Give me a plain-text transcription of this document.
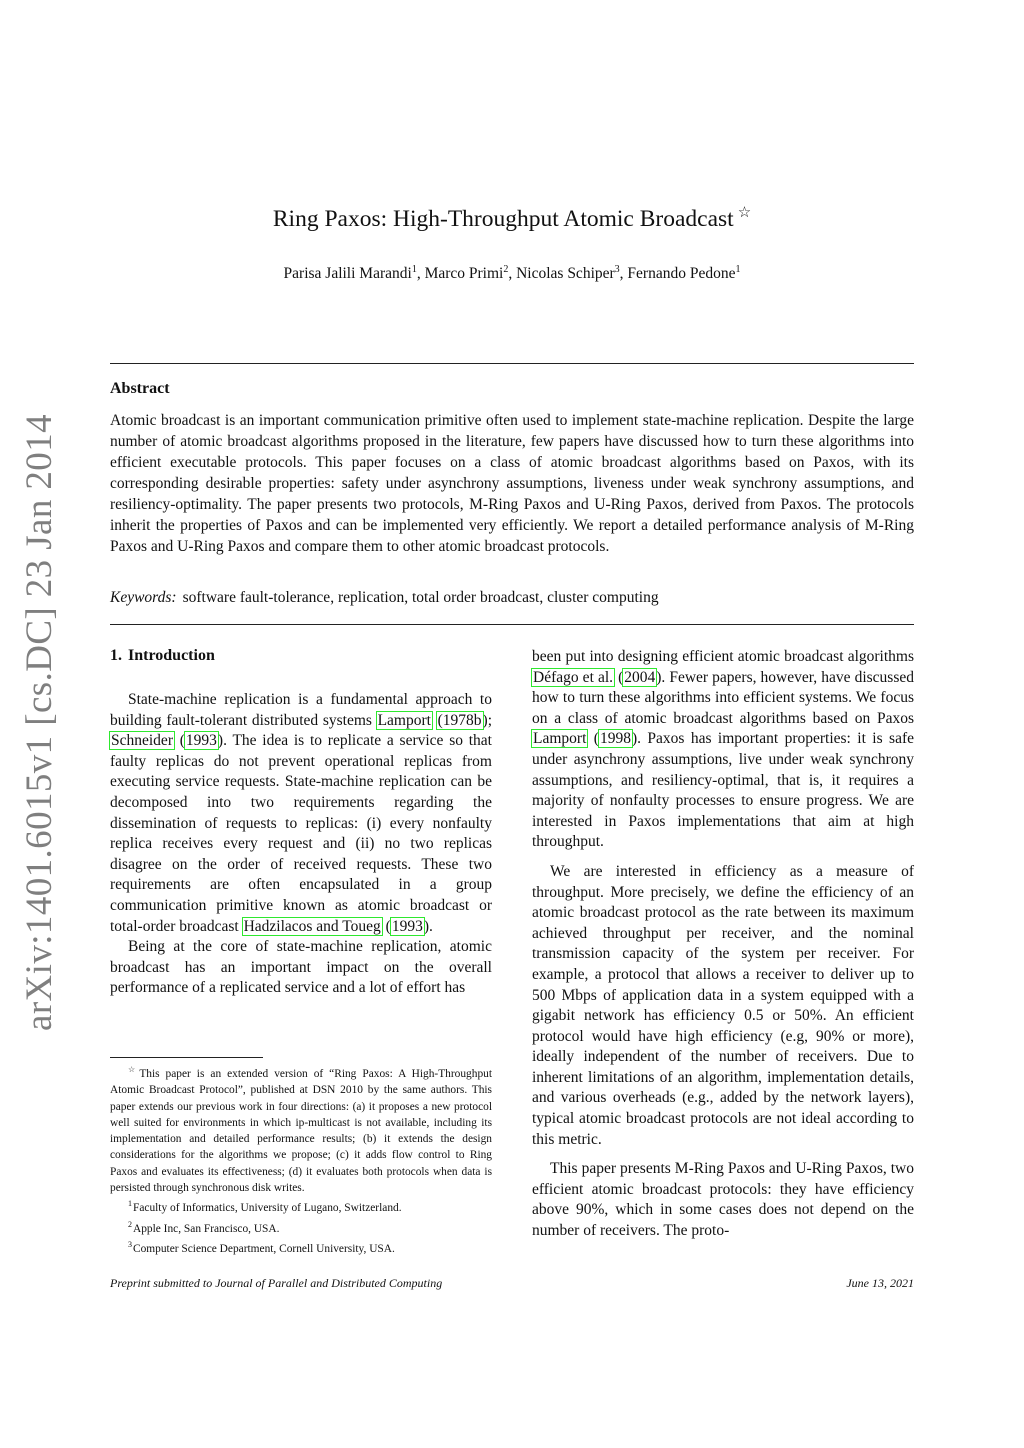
arXiv:1401.6015v1 [cs.DC] 23 Jan 2014
Ring Paxos: High-Throughput Atomic Broadcast ☆
Parisa Jalili Marandi$^1$, Marco Primi$^2$, Nicolas Schiper$^3$, Fernando Pedone$^1$
Abstract
Atomic broadcast is an important communication primitive often used to implement state-machine replication. Despite the large number of atomic broadcast algorithms proposed in the literature, few papers have discussed how to turn these algorithms into efficient executable protocols. This paper focuses on a class of atomic broadcast algorithms based on Paxos, with its corresponding desirable properties: safety under asynchrony assumptions, liveness under weak synchrony assumptions, and resiliency-optimality. The paper presents two protocols, M-Ring Paxos and U-Ring Paxos, derived from Paxos. The protocols inherit the properties of Paxos and can be implemented very efficiently. We report a detailed performance analysis of M-Ring Paxos and U-Ring Paxos and compare them to other atomic broadcast protocols.
Keywords: software fault-tolerance, replication, total order broadcast, cluster computing
1. Introduction

State-machine replication is a fundamental approach to building fault-tolerant distributed systems Lamport (1978b); Schneider (1993). The idea is to replicate a service so that faulty replicas do not prevent operational replicas from executing service requests. State-machine replication can be decomposed into two requirements regarding the dissemination of requests to replicas: (i) every nonfaulty replica receives every request and (ii) no two replicas disagree on the order of received requests. These two requirements are often encapsulated in a group communication primitive known as atomic broadcast or total-order broadcast Hadzilacos and Toueg (1993).

Being at the core of state-machine replication, atomic broadcast has an important impact on the overall performance of a replicated service and a lot of effort has

been put into designing efficient atomic broadcast algorithms Défago et al. (2004). Fewer papers, however, have discussed how to turn these algorithms into efficient systems. We focus on a class of atomic broadcast algorithms based on Paxos Lamport (1998). Paxos has important properties: it is safe under asynchrony assumptions, live under weak synchrony assumptions, and resiliency-optimal, that is, it requires a majority of nonfaulty processes to ensure progress. We are interested in Paxos implementations that aim at high throughput.

We are interested in efficiency as a measure of throughput. More precisely, we define the efficiency of an atomic broadcast protocol as the rate between its maximum achieved throughput per receiver, and the nominal transmission capacity of the system per receiver. For example, a protocol that allows a receiver to deliver up to 500 Mbps of application data in a system equipped with a gigabit network has efficiency 0.5 or 50%. An efficient protocol would have high efficiency (e.g, 90% or more), ideally independent of the number of receivers. Due to inherent limitations of an algorithm, implementation details, and various overheads (e.g., added by the network layers), typical atomic broadcast protocols are not ideal according to this metric.

This paper presents M-Ring Paxos and U-Ring Paxos, two efficient atomic broadcast protocols: they have efficiency above 90%, which in some cases does not depend on the number of receivers. The proto-

☆This paper is an extended version of “Ring Paxos: A High-Throughput Atomic Broadcast Protocol”, published at DSN 2010 by the same authors. This paper extends our previous work in four directions: (a) it proposes a new protocol well suited for environments in which ip-multicast is not available, including its implementation and detailed performance results; (b) it extends the design considerations for the algorithms we propose; (c) it adds flow control to Ring Paxos and evaluates its effectiveness; (d) it evaluates both protocols when data is persisted through synchronous disk writes.

$^1$Faculty of Informatics, University of Lugano, Switzerland.

$^2$Apple Inc, San Francisco, USA.

$^3$Computer Science Department, Cornell University, USA.

Preprint submitted to Journal of Parallel and Distributed Computing	June 13, 2021
